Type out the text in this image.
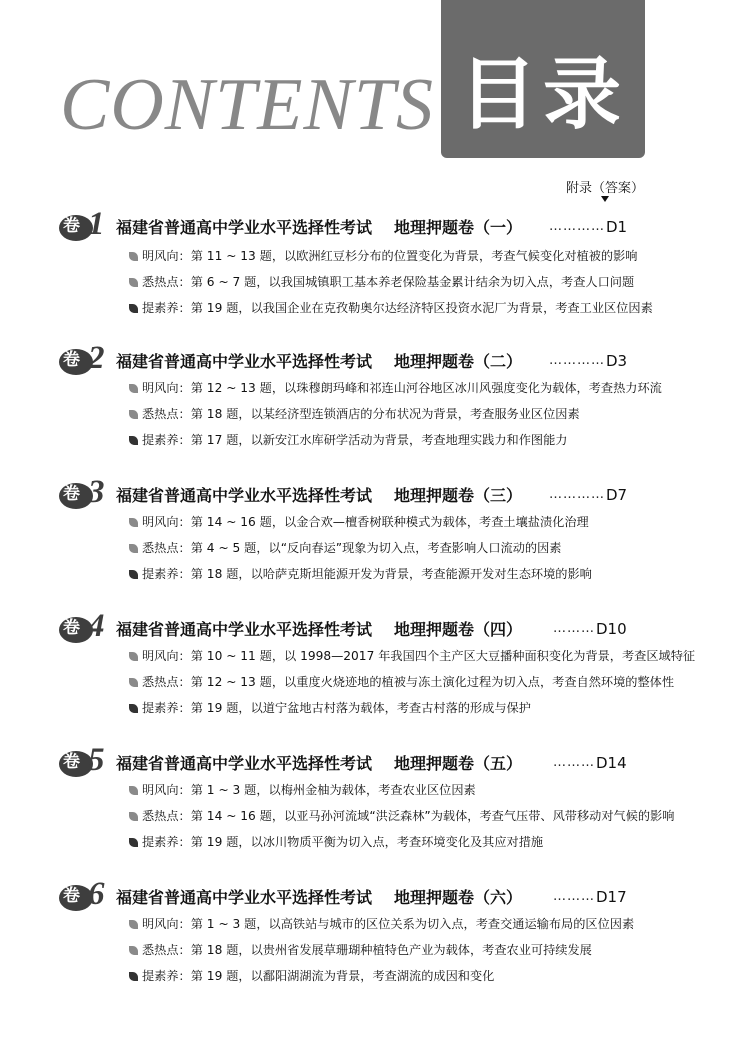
目录
CONTENTS
附录（答案）
卷 1 福建省普通高中学业水平选择性考试 地理押题卷（一） ………… D1
明风向：第 11 ~ 13 题，以欧洲红豆杉分布的位置变化为背景，考查气候变化对植被的影响
悉热点：第 6 ~ 7 题，以我国城镇职工基本养老保险基金累计结余为切入点，考查人口问题
提素养：第 19 题，以我国企业在克孜勒奥尔达经济特区投资水泥厂为背景，考查工业区位因素
卷 2 福建省普通高中学业水平选择性考试 地理押题卷（二） ………… D3
明风向：第 12 ~ 13 题，以珠穆朗玛峰和祁连山河谷地区冰川风强度变化为载体，考查热力环流
悉热点：第 18 题，以某经济型连锁酒店的分布状况为背景，考查服务业区位因素
提素养：第 17 题，以新安江水库研学活动为背景，考查地理实践力和作图能力
卷 3 福建省普通高中学业水平选择性考试 地理押题卷（三） ………… D7
明风向：第 14 ~ 16 题，以金合欢—檀香树联种模式为载体，考查土壤盐渍化治理
悉热点：第 4 ~ 5 题，以“反向春运”现象为切入点，考查影响人口流动的因素
提素养：第 18 题，以哈萨克斯坦能源开发为背景，考查能源开发对生态环境的影响
卷 4 福建省普通高中学业水平选择性考试 地理押题卷（四） ……… D10
明风向：第 10 ~ 11 题，以 1998—2017 年我国四个主产区大豆播种面积变化为背景，考查区域特征
悉热点：第 12 ~ 13 题，以重度火烧迹地的植被与冻土演化过程为切入点，考查自然环境的整体性
提素养：第 19 题，以道宁盆地古村落为载体，考查古村落的形成与保护
卷 5 福建省普通高中学业水平选择性考试 地理押题卷（五） ……… D14
明风向：第 1 ~ 3 题，以梅州金柚为载体，考查农业区位因素
悉热点：第 14 ~ 16 题，以亚马孙河流域“洪泛森林”为载体，考查气压带、风带移动对气候的影响
提素养：第 19 题，以冰川物质平衡为切入点，考查环境变化及其应对措施
卷 6 福建省普通高中学业水平选择性考试 地理押题卷（六） ……… D17
明风向：第 1 ~ 3 题，以高铁站与城市的区位关系为切入点，考查交通运输布局的区位因素
悉热点：第 18 题，以贵州省发展草珊瑚种植特色产业为载体，考查农业可持续发展
提素养：第 19 题，以鄱阳湖湖流为背景，考查湖流的成因和变化
